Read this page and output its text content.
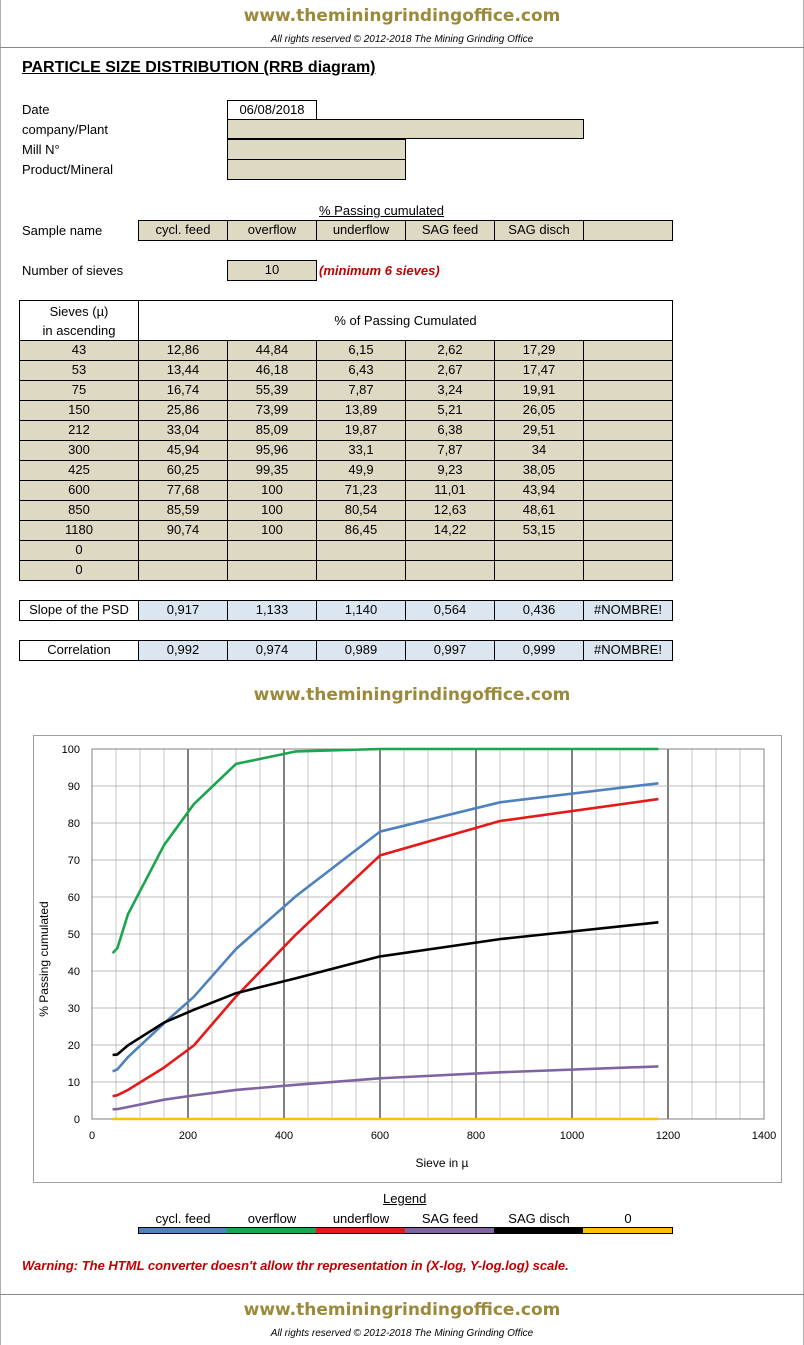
www.theminingrindingoffice.com
All rights reserved © 2012-2018 The Mining Grinding Office
PARTICLE SIZE DISTRIBUTION (RRB diagram)
Date	06/08/2018
company/Plant
Mill N°
Product/Mineral
% Passing cumulated
Sample name	cycl. feed	overflow	underflow	SAG feed	SAG disch
Number of sieves	10	(minimum 6 sieves)
Sieves (µ)
in ascending
% of Passing Cumulated
43	12,86	44,84	6,15	2,62	17,29
53	13,44	46,18	6,43	2,67	17,47
75	16,74	55,39	7,87	3,24	19,91
150	25,86	73,99	13,89	5,21	26,05
212	33,04	85,09	19,87	6,38	29,51
300	45,94	95,96	33,1	7,87	34
425	60,25	99,35	49,9	9,23	38,05
600	77,68	100	71,23	11,01	43,94
850	85,59	100	80,54	12,63	48,61
1180	90,74	100	86,45	14,22	53,15
0
0
Slope of the PSD	0,917	1,133	1,140	0,564	0,436	#NOMBRE!
Correlation	0,992	0,974	0,989	0,997	0,999	#NOMBRE!
www.theminingrindingoffice.com
0
10
20
30
40
50
60
70
80
90
100
0	200	400	600	800	1000	1200	1400
% Passing cumulated
Sieve in µ
Legend
cycl. feed	overflow	underflow	SAG feed	SAG disch	0
Warning: The HTML converter doesn't allow thr representation in (X-log, Y-log.log) scale.
www.theminingrindingoffice.com
All rights reserved © 2012-2018 The Mining Grinding Office
